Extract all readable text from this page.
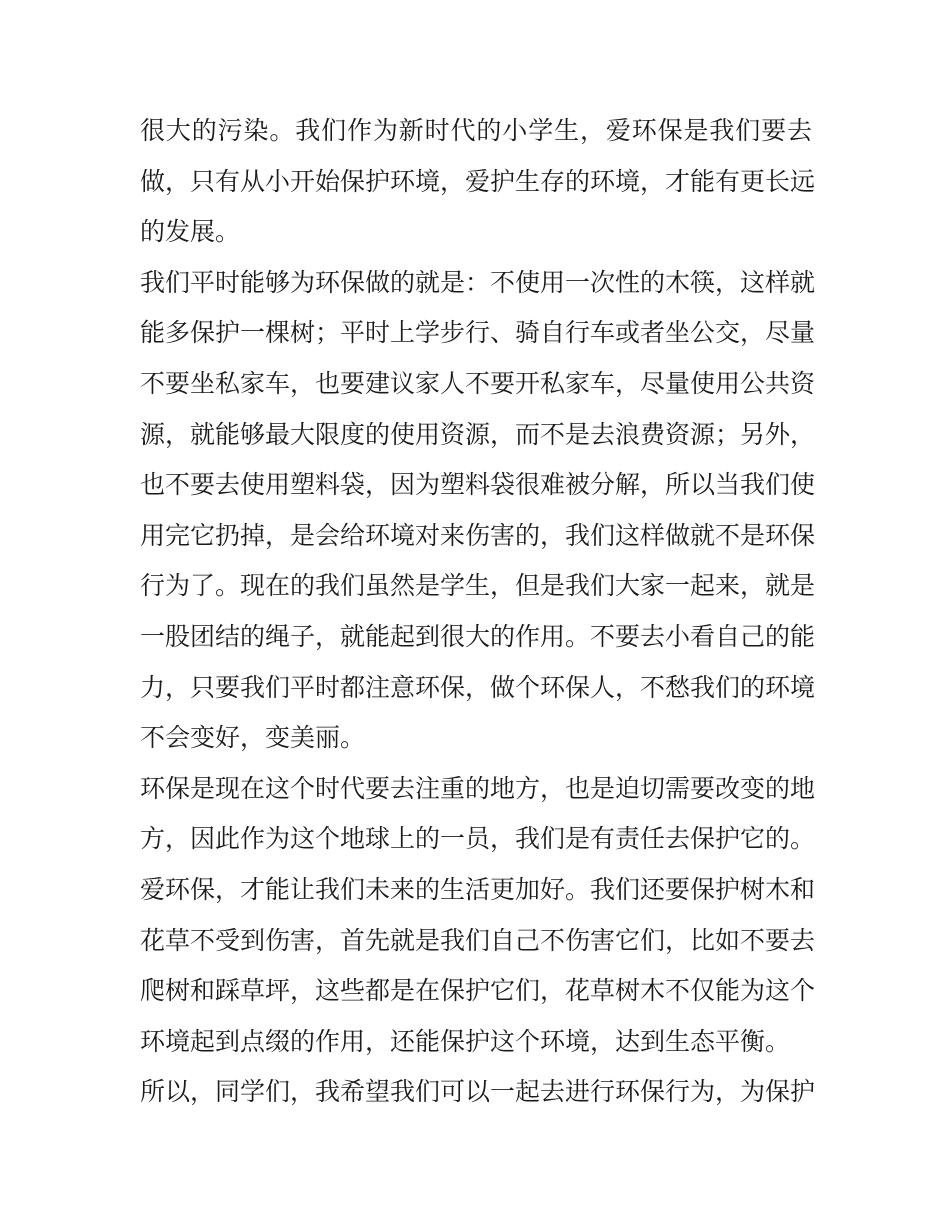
很大的污染。我们作为新时代的小学生，爱环保是我们要去
做，只有从小开始保护环境，爱护生存的环境，才能有更长远
的发展。
我们平时能够为环保做的就是：不使用一次性的木筷，这样就
能多保护一棵树；平时上学步行、骑自行车或者坐公交，尽量
不要坐私家车，也要建议家人不要开私家车，尽量使用公共资
源，就能够最大限度的使用资源，而不是去浪费资源；另外，
也不要去使用塑料袋，因为塑料袋很难被分解，所以当我们使
用完它扔掉，是会给环境对来伤害的，我们这样做就不是环保
行为了。现在的我们虽然是学生，但是我们大家一起来，就是
一股团结的绳子，就能起到很大的作用。不要去小看自己的能
力，只要我们平时都注意环保，做个环保人，不愁我们的环境
不会变好，变美丽。
环保是现在这个时代要去注重的地方，也是迫切需要改变的地
方，因此作为这个地球上的一员，我们是有责任去保护它的。
爱环保，才能让我们未来的生活更加好。我们还要保护树木和
花草不受到伤害，首先就是我们自己不伤害它们，比如不要去
爬树和踩草坪，这些都是在保护它们，花草树木不仅能为这个
环境起到点缀的作用，还能保护这个环境，达到生态平衡。
所以，同学们，我希望我们可以一起去进行环保行为，为保护
